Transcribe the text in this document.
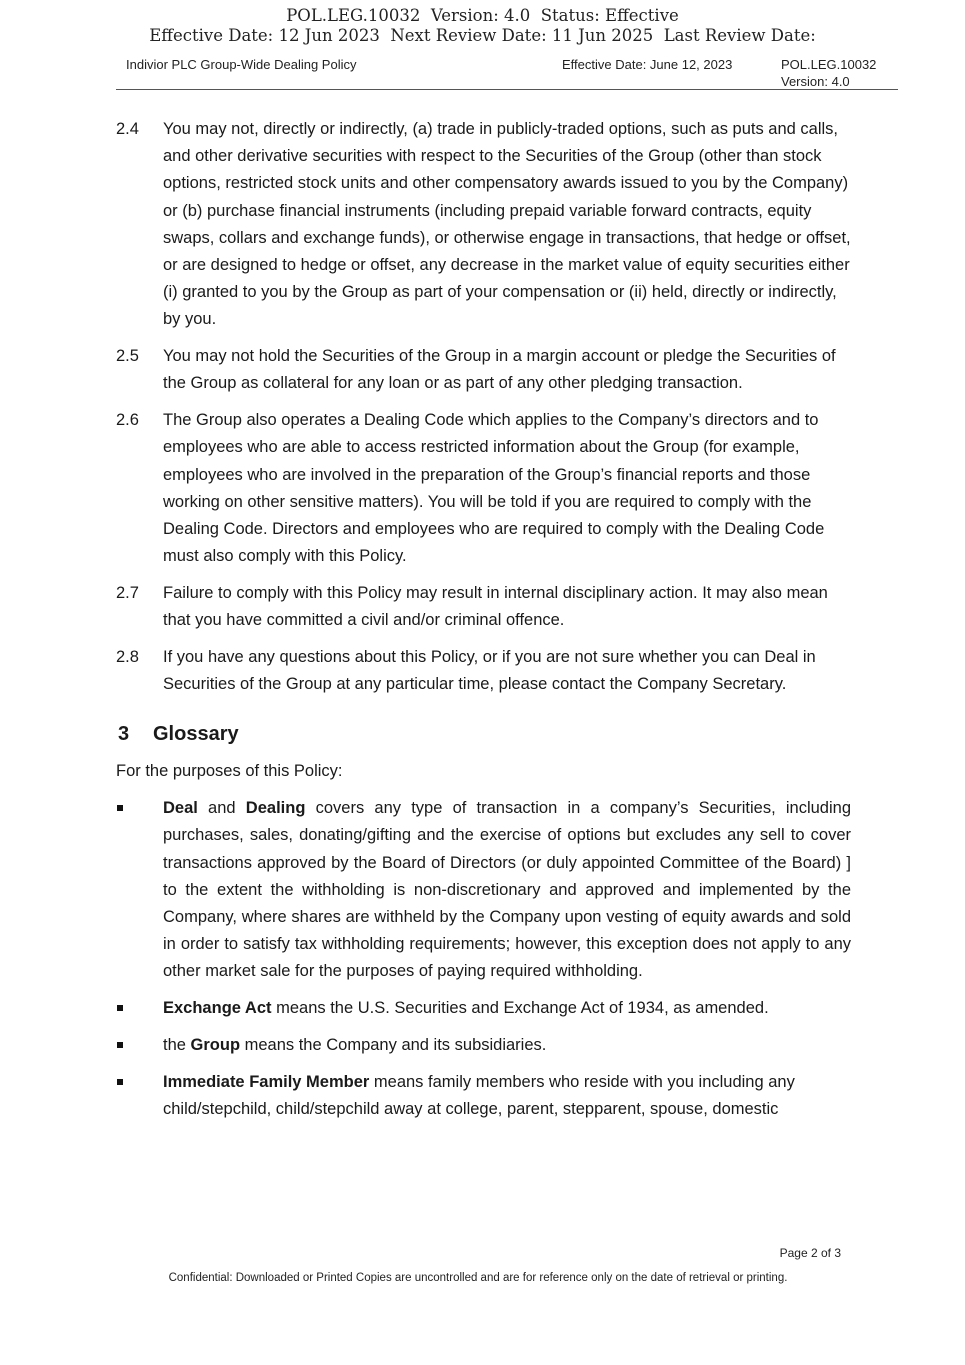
POL.LEG.10032  Version: 4.0  Status: Effective
Effective Date: 12 Jun 2023  Next Review Date: 11 Jun 2025  Last Review Date:
Indivior PLC Group-Wide Dealing Policy	Effective Date: June 12, 2023	POL.LEG.10032
Version: 4.0
2.4 You may not, directly or indirectly, (a) trade in publicly-traded options, such as puts and calls, and other derivative securities with respect to the Securities of the Group (other than stock options, restricted stock units and other compensatory awards issued to you by the Company) or (b) purchase financial instruments (including prepaid variable forward contracts, equity swaps, collars and exchange funds), or otherwise engage in transactions, that hedge or offset, or are designed to hedge or offset, any decrease in the market value of equity securities either (i) granted to you by the Group as part of your compensation or (ii) held, directly or indirectly, by you.
2.5 You may not hold the Securities of the Group in a margin account or pledge the Securities of the Group as collateral for any loan or as part of any other pledging transaction.
2.6 The Group also operates a Dealing Code which applies to the Company’s directors and to employees who are able to access restricted information about the Group (for example, employees who are involved in the preparation of the Group’s financial reports and those working on other sensitive matters). You will be told if you are required to comply with the Dealing Code. Directors and employees who are required to comply with the Dealing Code must also comply with this Policy.
2.7 Failure to comply with this Policy may result in internal disciplinary action. It may also mean that you have committed a civil and/or criminal offence.
2.8 If you have any questions about this Policy, or if you are not sure whether you can Deal in Securities of the Group at any particular time, please contact the Company Secretary.
3 Glossary
For the purposes of this Policy:
Deal and Dealing covers any type of transaction in a company’s Securities, including purchases, sales, donating/gifting and the exercise of options but excludes any sell to cover transactions approved by the Board of Directors (or duly appointed Committee of the Board) ] to the extent the withholding is non-discretionary and approved and implemented by the Company, where shares are withheld by the Company upon vesting of equity awards and sold in order to satisfy tax withholding requirements; however, this exception does not apply to any other market sale for the purposes of paying required withholding.
Exchange Act means the U.S. Securities and Exchange Act of 1934, as amended.
the Group means the Company and its subsidiaries.
Immediate Family Member means family members who reside with you including any child/stepchild, child/stepchild away at college, parent, stepparent, spouse, domestic
Page 2 of 3
Confidential: Downloaded or Printed Copies are uncontrolled and are for reference only on the date of retrieval or printing.
